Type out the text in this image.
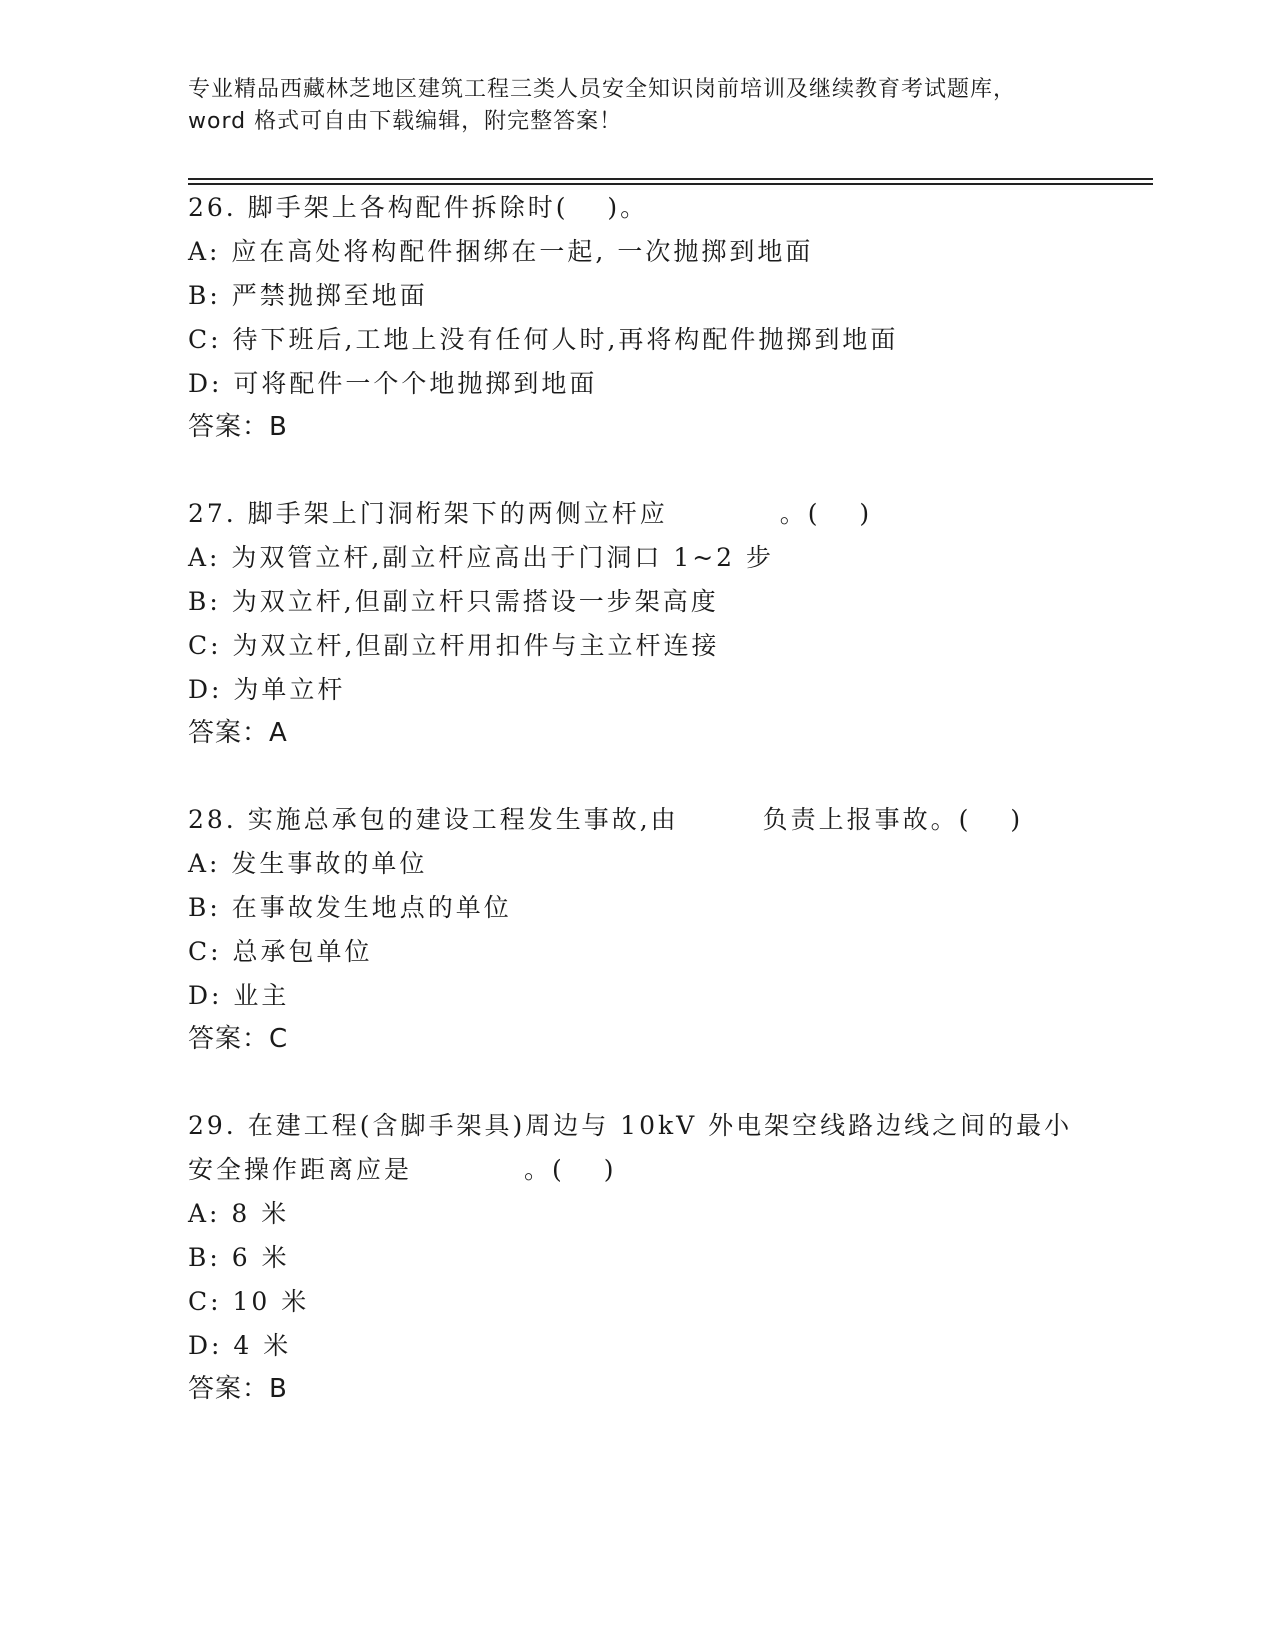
专业精品西藏林芝地区建筑工程三类人员安全知识岗前培训及继续教育考试题库，
word 格式可自由下载编辑，附完整答案！
26. 脚手架上各构配件拆除时(　 )。
A: 应在高处将构配件捆绑在一起, 一次抛掷到地面
B: 严禁抛掷至地面
C: 待下班后,工地上没有任何人时,再将构配件抛掷到地面
D: 可将配件一个个地抛掷到地面
答案：B
27. 脚手架上门洞桁架下的两侧立杆应　　　　。(　 )
A: 为双管立杆,副立杆应高出于门洞口 1~2 步
B: 为双立杆,但副立杆只需搭设一步架高度
C: 为双立杆,但副立杆用扣件与主立杆连接
D: 为单立杆
答案：A
28. 实施总承包的建设工程发生事故,由　　　负责上报事故。(　 )
A: 发生事故的单位
B: 在事故发生地点的单位
C: 总承包单位
D: 业主
答案：C
29. 在建工程(含脚手架具)周边与 10kV 外电架空线路边线之间的最小
安全操作距离应是　　　　。(　 )
A: 8 米
B: 6 米
C: 10 米
D: 4 米
答案：B
